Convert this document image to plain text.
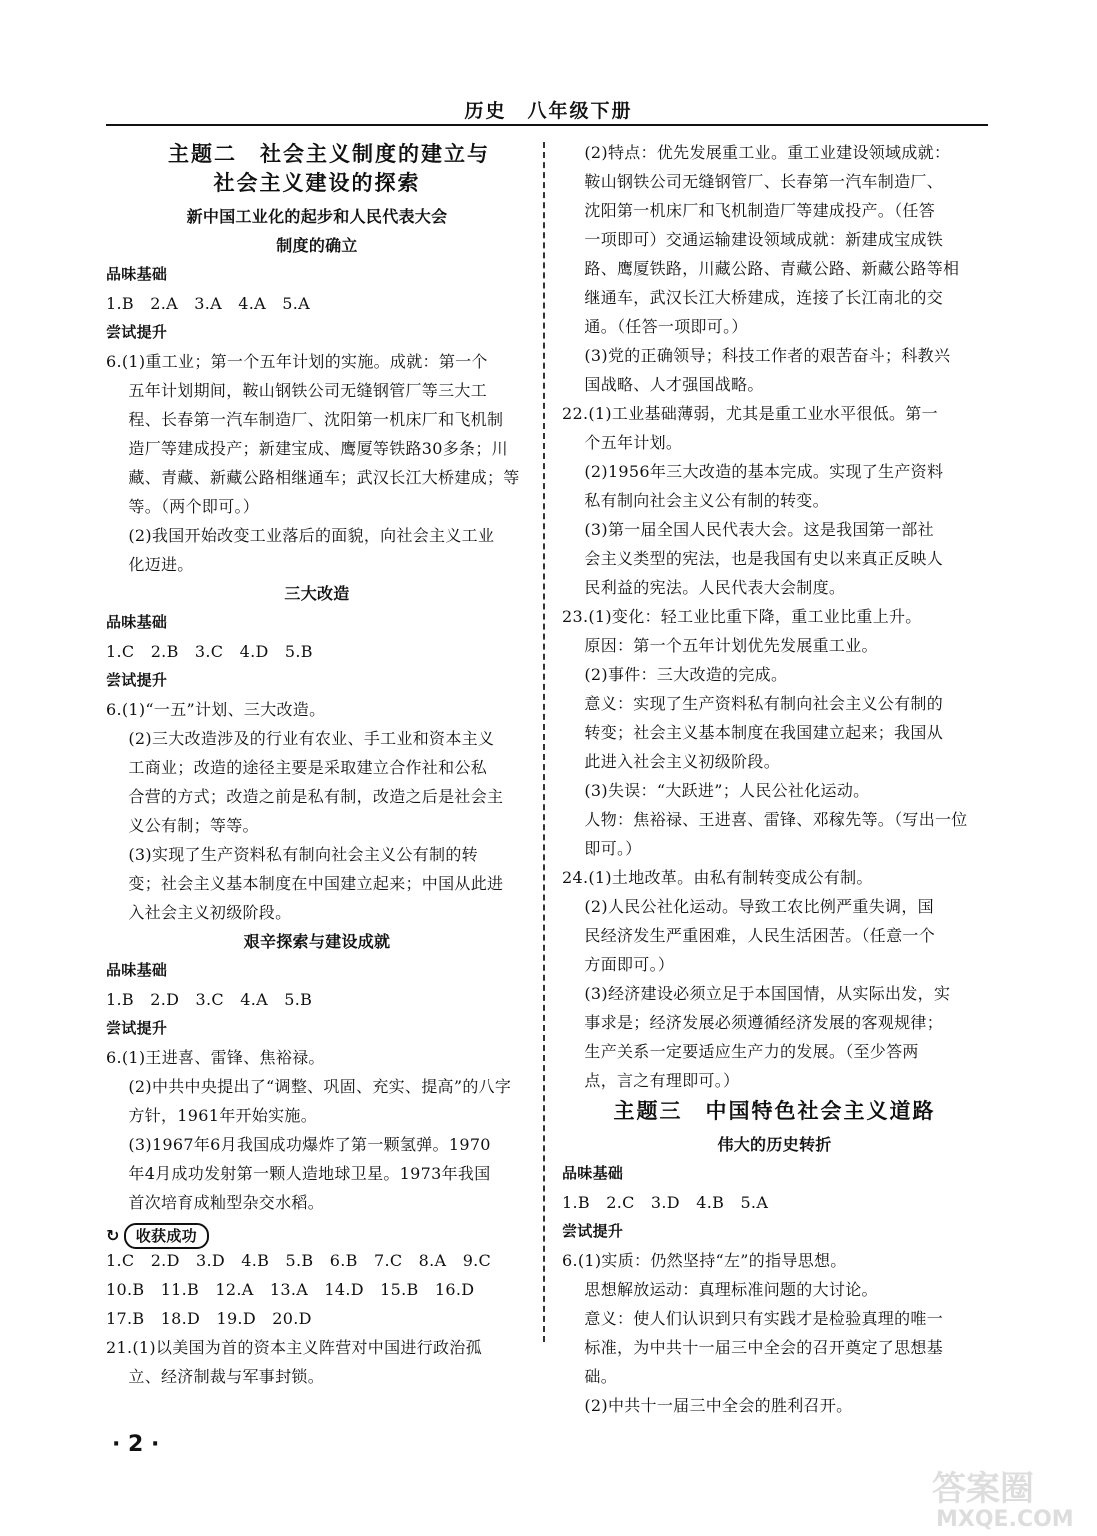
历史　八年级下册
主题二　社会主义制度的建立与
社会主义建设的探索
新中国工业化的起步和人民代表大会
制度的确立
品味基础
1.B　2.A　3.A　4.A　5.A
尝试提升
6.(1)重工业；第一个五年计划的实施。成就：第一个
五年计划期间，鞍山钢铁公司无缝钢管厂等三大工
程、长春第一汽车制造厂、沈阳第一机床厂和飞机制
造厂等建成投产；新建宝成、鹰厦等铁路30多条；川
藏、青藏、新藏公路相继通车；武汉长江大桥建成；等
等。（两个即可。）
(2)我国开始改变工业落后的面貌，向社会主义工业
化迈进。
三大改造
品味基础
1.C　2.B　3.C　4.D　5.B
尝试提升
6.(1)“一五”计划、三大改造。
(2)三大改造涉及的行业有农业、手工业和资本主义
工商业；改造的途径主要是采取建立合作社和公私
合营的方式；改造之前是私有制，改造之后是社会主
义公有制；等等。
(3)实现了生产资料私有制向社会主义公有制的转
变；社会主义基本制度在中国建立起来；中国从此进
入社会主义初级阶段。
艰辛探索与建设成就
品味基础
1.B　2.D　3.C　4.A　5.B
尝试提升
6.(1)王进喜、雷锋、焦裕禄。
(2)中共中央提出了“调整、巩固、充实、提高”的八字
方针，1961年开始实施。
(3)1967年6月我国成功爆炸了第一颗氢弹。1970
年4月成功发射第一颗人造地球卫星。1973年我国
首次培育成籼型杂交水稻。
↻	收获成功
1.C　2.D　3.D　4.B　5.B　6.B　7.C　8.A　9.C
10.B　11.B　12.A　13.A　14.D　15.B　16.D
17.B　18.D　19.D　20.D
21.(1)以美国为首的资本主义阵营对中国进行政治孤
立、经济制裁与军事封锁。
(2)特点：优先发展重工业。重工业建设领域成就：
鞍山钢铁公司无缝钢管厂、长春第一汽车制造厂、
沈阳第一机床厂和飞机制造厂等建成投产。（任答
一项即可）交通运输建设领域成就：新建成宝成铁
路、鹰厦铁路，川藏公路、青藏公路、新藏公路等相
继通车，武汉长江大桥建成，连接了长江南北的交
通。（任答一项即可。）
(3)党的正确领导；科技工作者的艰苦奋斗；科教兴
国战略、人才强国战略。
22.(1)工业基础薄弱，尤其是重工业水平很低。第一
个五年计划。
(2)1956年三大改造的基本完成。实现了生产资料
私有制向社会主义公有制的转变。
(3)第一届全国人民代表大会。这是我国第一部社
会主义类型的宪法，也是我国有史以来真正反映人
民利益的宪法。人民代表大会制度。
23.(1)变化：轻工业比重下降，重工业比重上升。
原因：第一个五年计划优先发展重工业。
(2)事件：三大改造的完成。
意义：实现了生产资料私有制向社会主义公有制的
转变；社会主义基本制度在我国建立起来；我国从
此进入社会主义初级阶段。
(3)失误：“大跃进”；人民公社化运动。
人物：焦裕禄、王进喜、雷锋、邓稼先等。（写出一位
即可。）
24.(1)土地改革。由私有制转变成公有制。
(2)人民公社化运动。导致工农比例严重失调，国
民经济发生严重困难，人民生活困苦。（任意一个
方面即可。）
(3)经济建设必须立足于本国国情，从实际出发，实
事求是；经济发展必须遵循经济发展的客观规律；
生产关系一定要适应生产力的发展。（至少答两
点，言之有理即可。）
主题三　中国特色社会主义道路
伟大的历史转折
品味基础
1.B　2.C　3.D　4.B　5.A
尝试提升
6.(1)实质：仍然坚持“左”的指导思想。
思想解放运动：真理标准问题的大讨论。
意义：使人们认识到只有实践才是检验真理的唯一
标准，为中共十一届三中全会的召开奠定了思想基
础。
(2)中共十一届三中全会的胜利召开。
· 2 ·
答案圈
MXQE.COM
